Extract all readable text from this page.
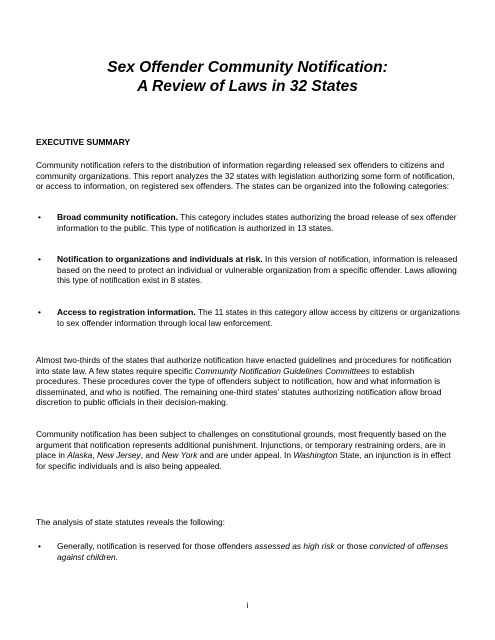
Sex Offender Community Notification:
A Review of Laws in 32 States
EXECUTIVE SUMMARY
Community notification refers to the distribution of information regarding released sex offenders to citizens and community organizations. This report analyzes the 32 states with legislation authorizing some form of notification, or access to information, on registered sex offenders. The states can be organized into the following categories:
• Broad community notification. This category includes states authorizing the broad release of sex offender information to the public. This type of notification is authorized in 13 states.
• Notification to organizations and individuals at risk. In this version of notification, information is released based on the need to protect an individual or vulnerable organization from a specific offender. Laws allowing this type of notification exist in 8 states.
• Access to registration information. The 11 states in this category allow access by citizens or organizations to sex offender information through local law enforcement.
Almost two-thirds of the states that authorize notification have enacted guidelines and procedures for notification into state law. A few states require specific Community Notification Guidelines Committees to establish procedures. These procedures cover the type of offenders subject to notification, how and what information is disseminated, and who is notified. The remaining one-third states’ statutes authorizing notification allow broad discretion to public officials in their decision-making.
Community notification has been subject to challenges on constitutional grounds, most frequently based on the argument that notification represents additional punishment. Injunctions, or temporary restraining orders, are in place in Alaska, New Jersey, and New York and are under appeal. In Washington State, an injunction is in effect for specific individuals and is also being appealed.
The analysis of state statutes reveals the following:
• Generally, notification is reserved for those offenders assessed as high risk or those convicted of offenses against children.
i
